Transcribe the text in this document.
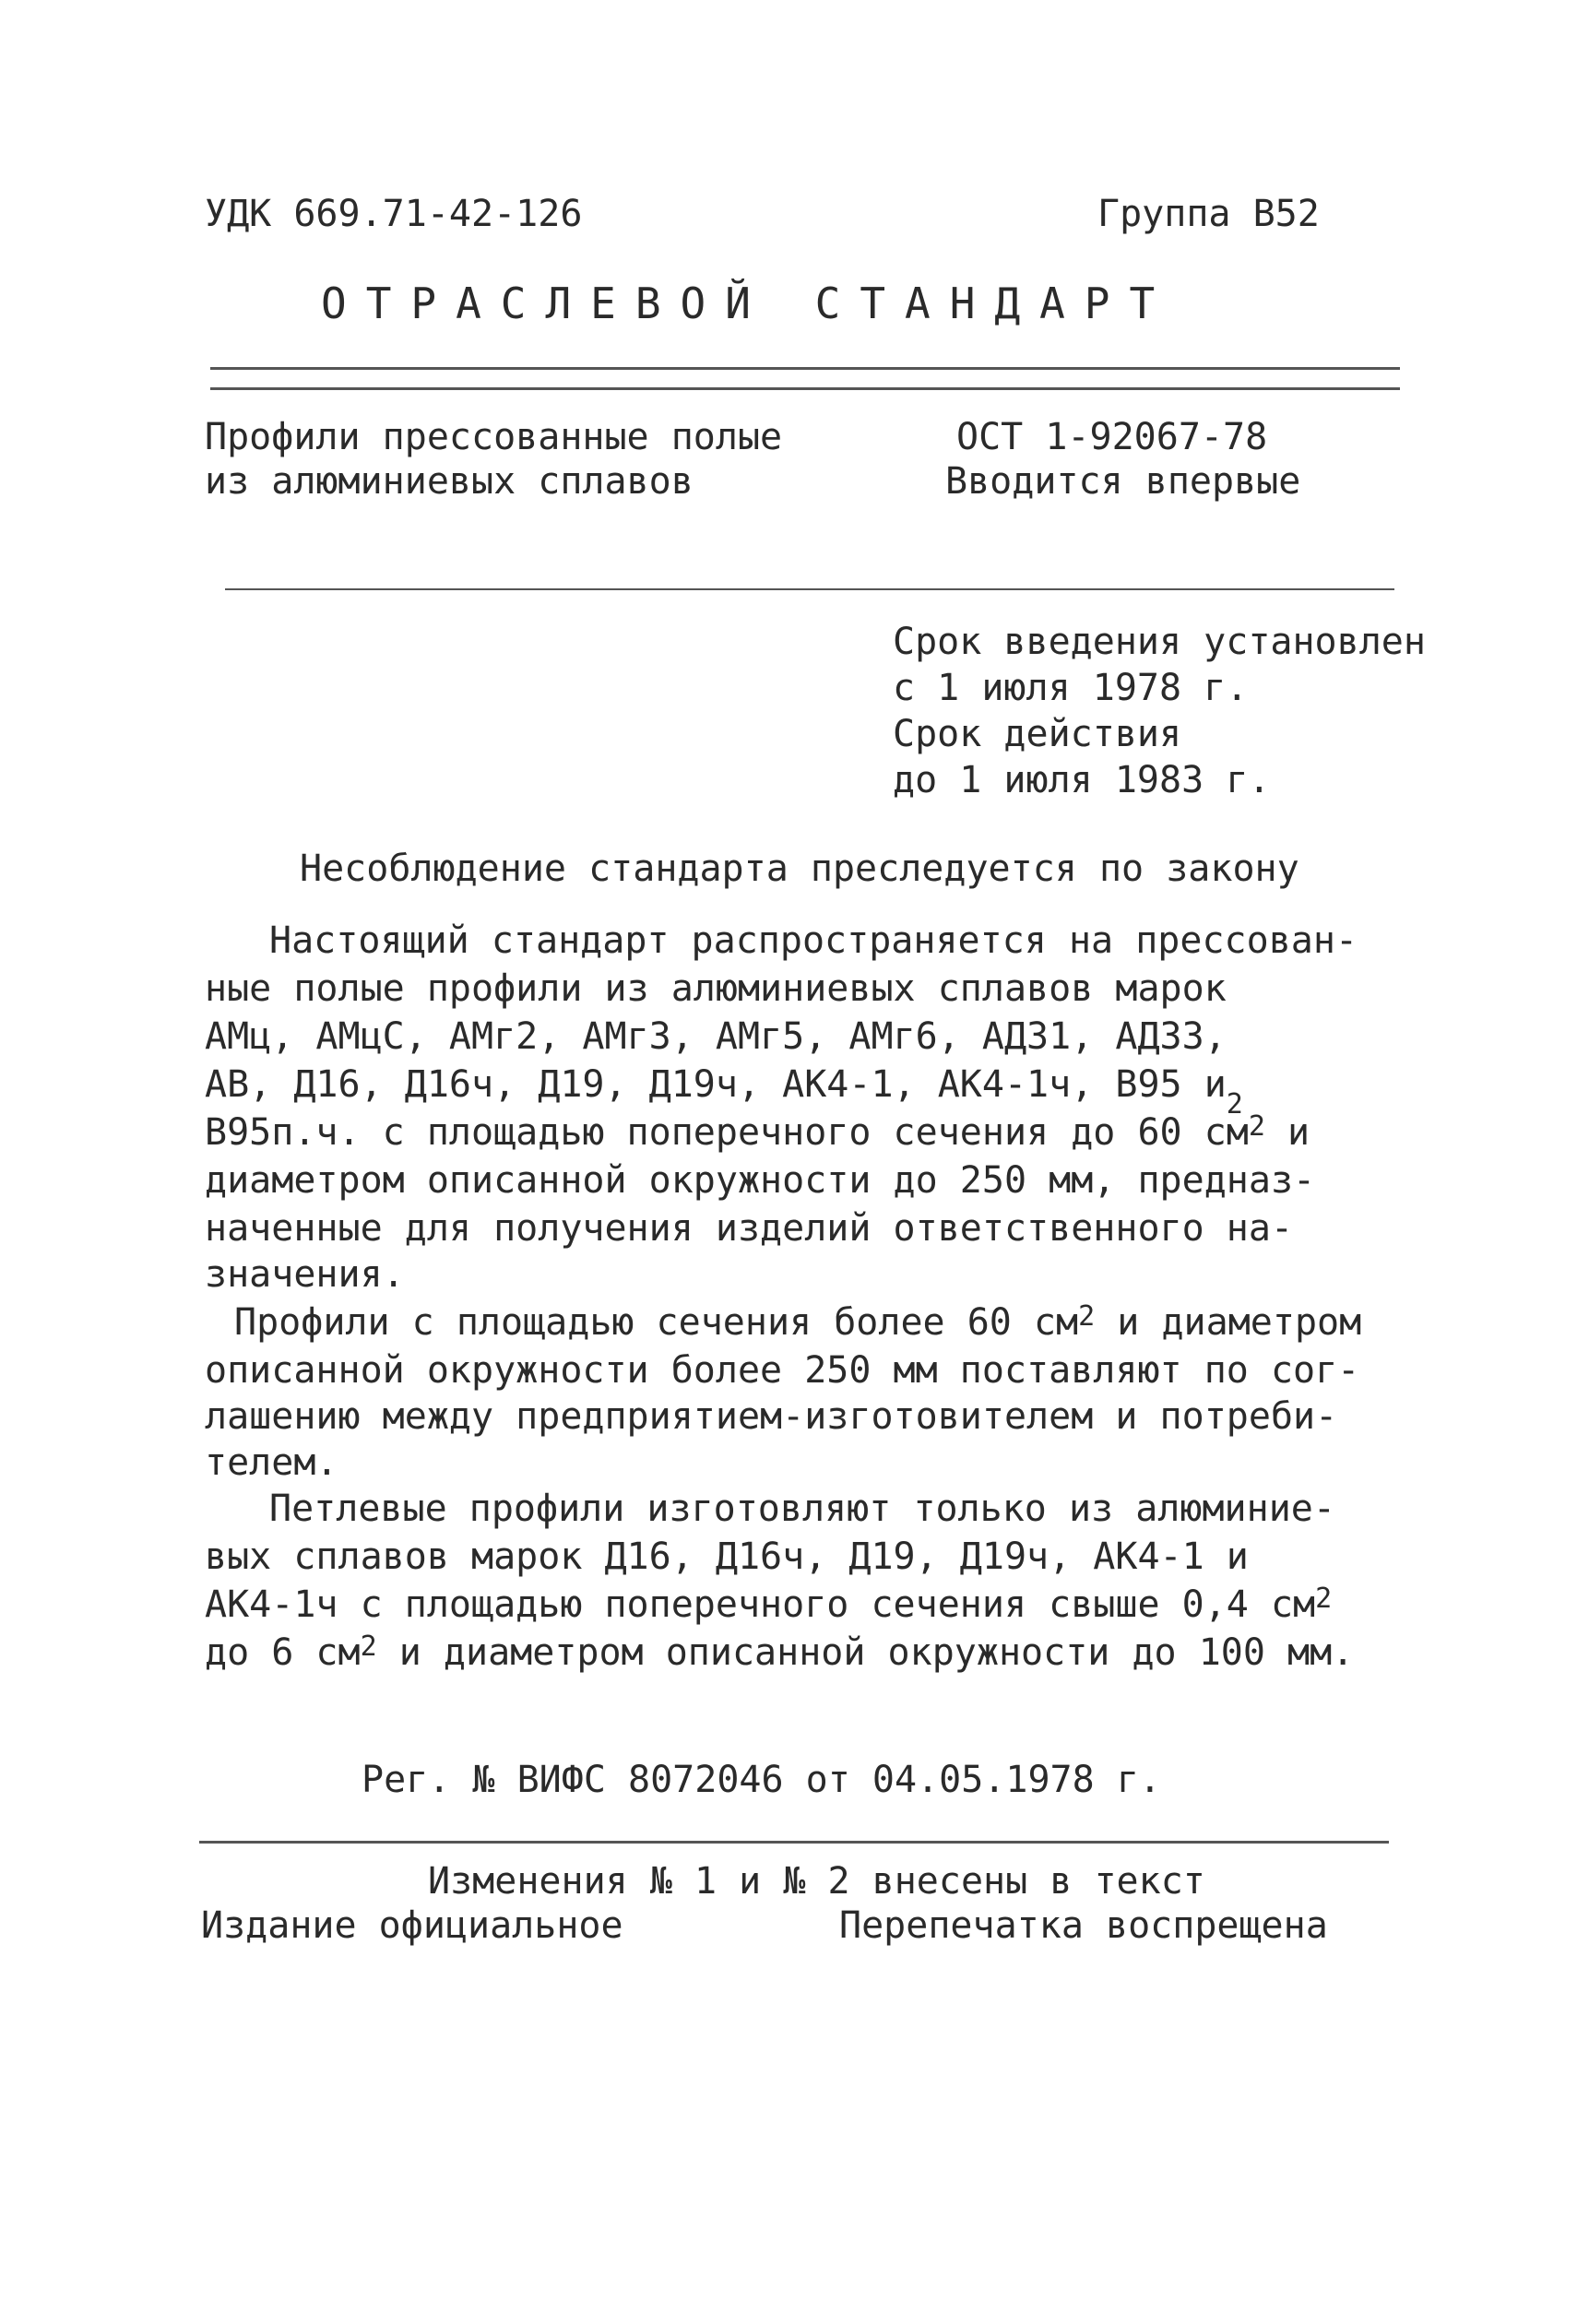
УДК 669.71-42-126	Группа В52
ОТРАСЛЕВОЙ СТАНДАРТ
Профили прессованные полые
из алюминиевых сплавов
ОСТ 1-92067-78
Вводится впервые
Срок введения установлен
с 1 июля 1978 г.
Срок действия
до 1 июля 1983 г.
Несоблюдение стандарта преследуется по закону
Настоящий стандарт распространяется на прессован-
ные полые профили из алюминиевых сплавов марок
АМц, АМцС, АМг2, АМг3, АМг5, АМг6, АД31, АД33,
АВ, Д16, Д16ч, Д19, Д19ч, АК4-1, АК4-1ч, В95 $и_2$
В95п.ч. с площадью поперечного сечения до 60 $см^2$ и
диаметром описанной окружности до 250 мм, предназ-
наченные для получения изделий ответственного на-
значения.
Профили с площадью сечения более 60 $см^2$ и диаметром
описанной окружности более 250 мм поставляют по сог-
лашению между предприятием-изготовителем и потреби-
телем.
Петлевые профили изготовляют только из алюминие-
вых сплавов марок Д16, Д16ч, Д19, Д19ч, АК4-1 и
АК4-1ч с площадью поперечного сечения свыше 0,4 $см^2$
до 6 $см^2$ и диаметром описанной окружности до 100 мм.
Рег. № ВИФС 8072046 от 04.05.1978 г.
Изменения № 1 и № 2 внесены в текст
Издание официальное	Перепечатка воспрещена
